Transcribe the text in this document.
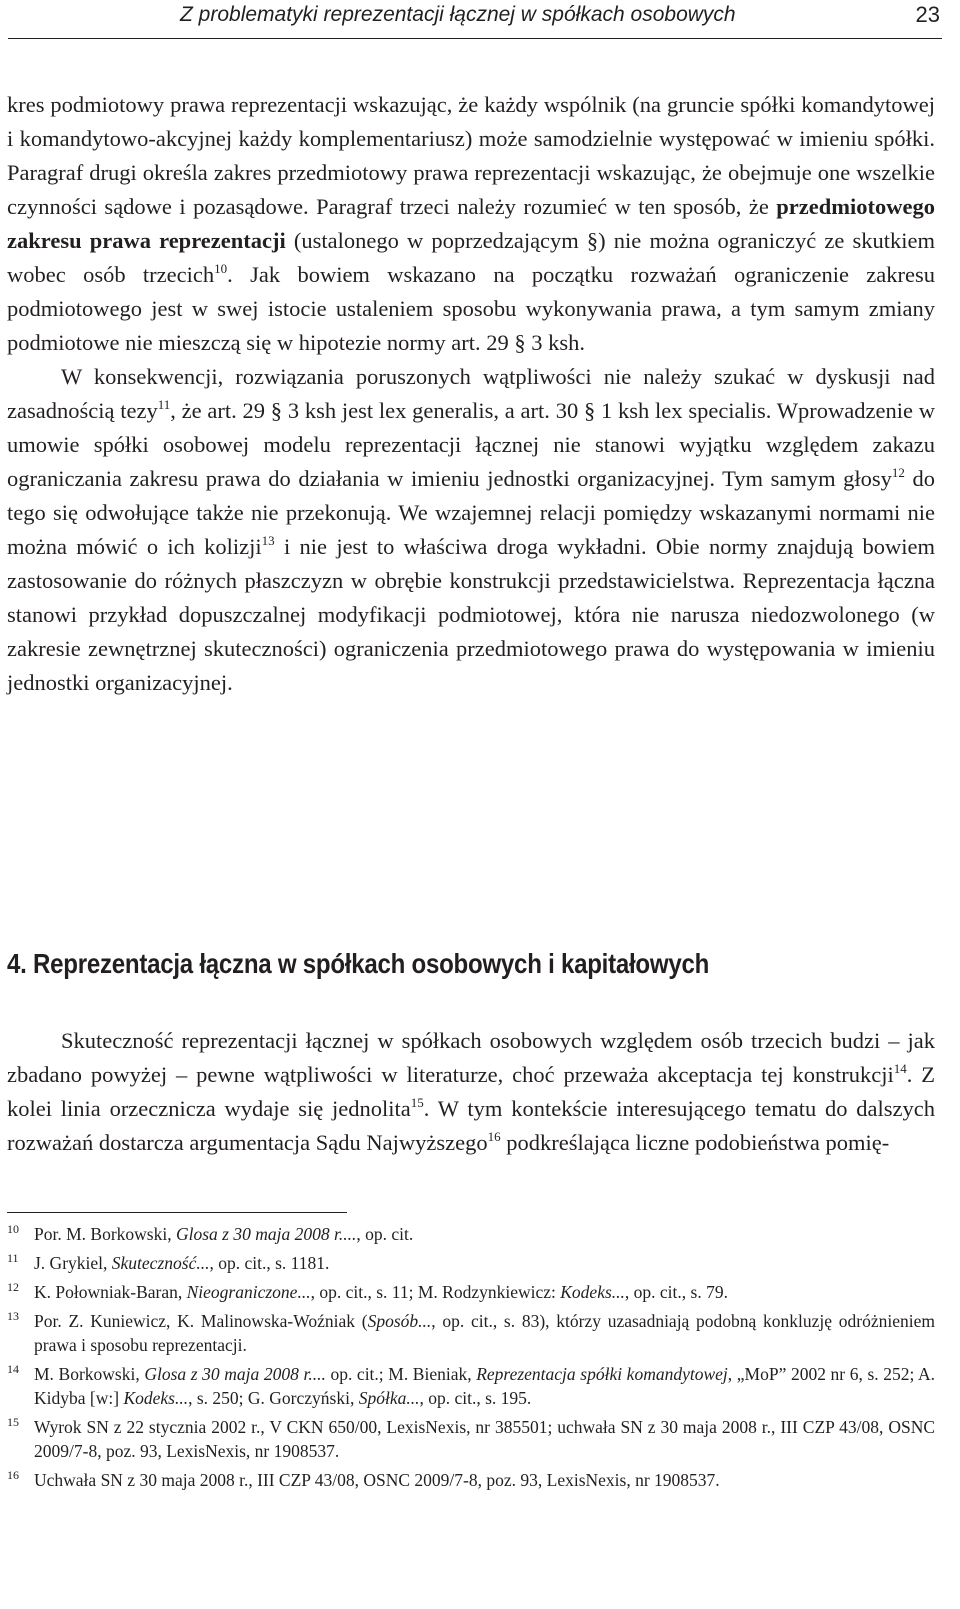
Z problematyki reprezentacji łącznej w spółkach osobowych	23

kres podmiotowy prawa reprezentacji wskazując, że każdy wspólnik (na gruncie spółki komandytowej i komandytowo-akcyjnej każdy komplementariusz) może samodzielnie występować w imieniu spółki. Paragraf drugi określa zakres przedmiotowy prawa reprezentacji wskazując, że obejmuje one wszelkie czynności sądowe i pozasądowe. Paragraf trzeci należy rozumieć w ten sposób, że przedmiotowego zakresu prawa reprezentacji (ustalonego w poprzedzającym §) nie można ograniczyć ze skutkiem wobec osób trzecich$^{10}$. Jak bowiem wskazano na początku rozważań ograniczenie zakresu podmiotowego jest w swej istocie ustaleniem sposobu wykonywania prawa, a tym samym zmiany podmiotowe nie mieszczą się w hipotezie normy art. 29 § 3 ksh.

W konsekwencji, rozwiązania poruszonych wątpliwości nie należy szukać w dyskusji nad zasadnością tezy$^{11}$, że art. 29 § 3 ksh jest lex generalis, a art. 30 § 1 ksh lex specialis. Wprowadzenie w umowie spółki osobowej modelu reprezentacji łącznej nie stanowi wyjątku względem zakazu ograniczania zakresu prawa do działania w imieniu jednostki organizacyjnej. Tym samym głosy$^{12}$ do tego się odwołujące także nie przekonują. We wzajemnej relacji pomiędzy wskazanymi normami nie można mówić o ich kolizji$^{13}$ i nie jest to właściwa droga wykładni. Obie normy znajdują bowiem zastosowanie do różnych płaszczyzn w obrębie konstrukcji przedstawicielstwa. Reprezentacja łączna stanowi przykład dopuszczalnej modyfikacji podmiotowej, która nie narusza niedozwolonego (w zakresie zewnętrznej skuteczności) ograniczenia przedmiotowego prawa do występowania w imieniu jednostki organizacyjnej.

4. Reprezentacja łączna w spółkach osobowych i kapitałowych

Skuteczność reprezentacji łącznej w spółkach osobowych względem osób trzecich budzi – jak zbadano powyżej – pewne wątpliwości w literaturze, choć przeważa akceptacja tej konstrukcji$^{14}$. Z kolei linia orzecznicza wydaje się jednolita$^{15}$. W tym kontekście interesującego tematu do dalszych rozważań dostarcza argumentacja Sądu Najwyższego$^{16}$ podkreślająca liczne podobieństwa pomię-

10 Por. M. Borkowski, Glosa z 30 maja 2008 r...., op. cit.
11 J. Grykiel, Skuteczność..., op. cit., s. 1181.
12 K. Połowniak-Baran, Nieograniczone..., op. cit., s. 11; M. Rodzynkiewicz: Kodeks..., op. cit., s. 79.
13 Por. Z. Kuniewicz, K. Malinowska-Woźniak (Sposób..., op. cit., s. 83), którzy uzasadniają podobną konkluzję odróżnieniem prawa i sposobu reprezentacji.
14 M. Borkowski, Glosa z 30 maja 2008 r.... op. cit.; M. Bieniak, Reprezentacja spółki komandytowej, „MoP” 2002 nr 6, s. 252; A. Kidyba [w:] Kodeks..., s. 250; G. Gorczyński, Spółka..., op. cit., s. 195.
15 Wyrok SN z 22 stycznia 2002 r., V CKN 650/00, LexisNexis, nr 385501; uchwała SN z 30 maja 2008 r., III CZP 43/08, OSNC 2009/7-8, poz. 93, LexisNexis, nr 1908537.
16 Uchwała SN z 30 maja 2008 r., III CZP 43/08, OSNC 2009/7-8, poz. 93, LexisNexis, nr 1908537.
